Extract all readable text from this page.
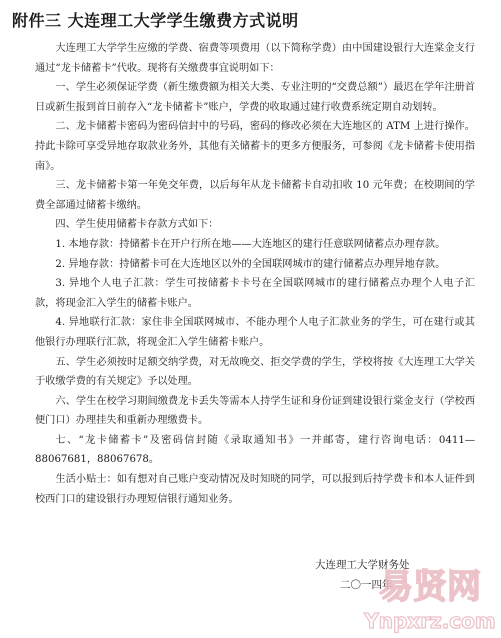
附件三 大连理工大学学生缴费方式说明

大连理工大学学生应缴的学费、宿费等项费用（以下简称学费）由中国建设银行大连棠金支行通过“龙卡储蓄卡”代收。现将有关缴费事宜说明如下：

一、学生必须保证学费（新生缴费额为相关大类、专业注明的“交费总额”）最迟在学年注册首日或新生报到首日前存入“龙卡储蓄卡”账户，学费的收取通过建行收费系统定期自动划转。

二、龙卡储蓄卡密码为密码信封中的号码，密码的修改必须在大连地区的 ATM 上进行操作。持此卡除可享受异地存取款业务外，其他有关储蓄卡的更多方便服务，可参阅《龙卡储蓄卡使用指南》。

三、龙卡储蓄卡第一年免交年费，以后每年从龙卡储蓄卡自动扣收 10 元年费；在校期间的学费全部通过储蓄卡缴纳。

四、学生使用储蓄卡存款方式如下：

1. 本地存款：持储蓄卡在开户行所在地——大连地区的建行任意联网储蓄点办理存款。

2. 异地存款：持储蓄卡可在大连地区以外的全国联网城市的建行储蓄点办理异地存款。

3. 异地个人电子汇款：学生可按储蓄卡卡号在全国联网城市的建行储蓄点办理个人电子汇款，将现金汇入学生的储蓄卡账户。

4. 异地联行汇款：家住非全国联网城市、不能办理个人电子汇款业务的学生，可在建行或其他银行办理联行汇款，将现金汇入学生储蓄卡账户。

五、学生必须按时足额交纳学费，对无故晚交、拒交学费的学生，学校将按《大连理工大学关于收缴学费的有关规定》予以处理。

六、学生在校学习期间缴费龙卡丢失等需本人持学生证和身份证到建设银行棠金支行（学校西便门口）办理挂失和重新办理缴费卡。

七、“龙卡储蓄卡”及密码信封随《录取通知书》一并邮寄，建行咨询电话：0411—88067681，88067678。

生活小贴士：如有想对自己账户变动情况及时知晓的同学，可以报到后持学费卡和本人证件到校西门口的建设银行办理短信银行通知业务。

大连理工大学财务处
二〇一四年
易贤网
Ynpxrz.com
